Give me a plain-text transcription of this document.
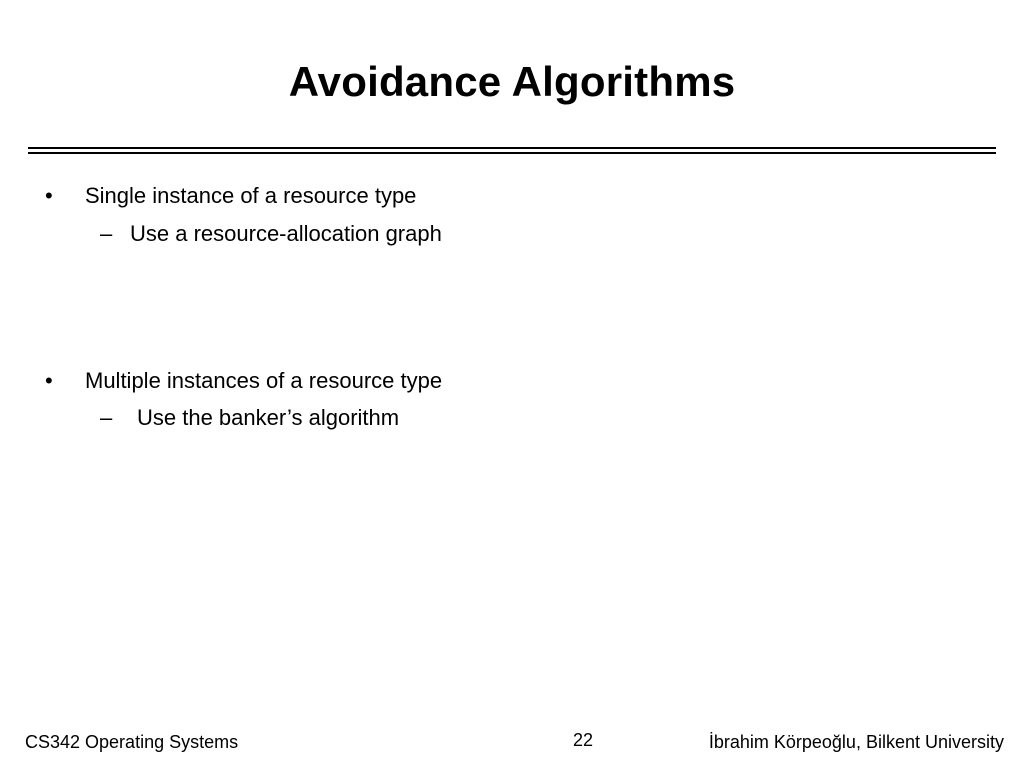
Avoidance Algorithms
• Single instance of a resource type
– Use a resource-allocation graph
• Multiple instances of a resource type
– Use the banker’s algorithm
CS342 Operating Systems	22	İbrahim Körpeoğlu, Bilkent University
